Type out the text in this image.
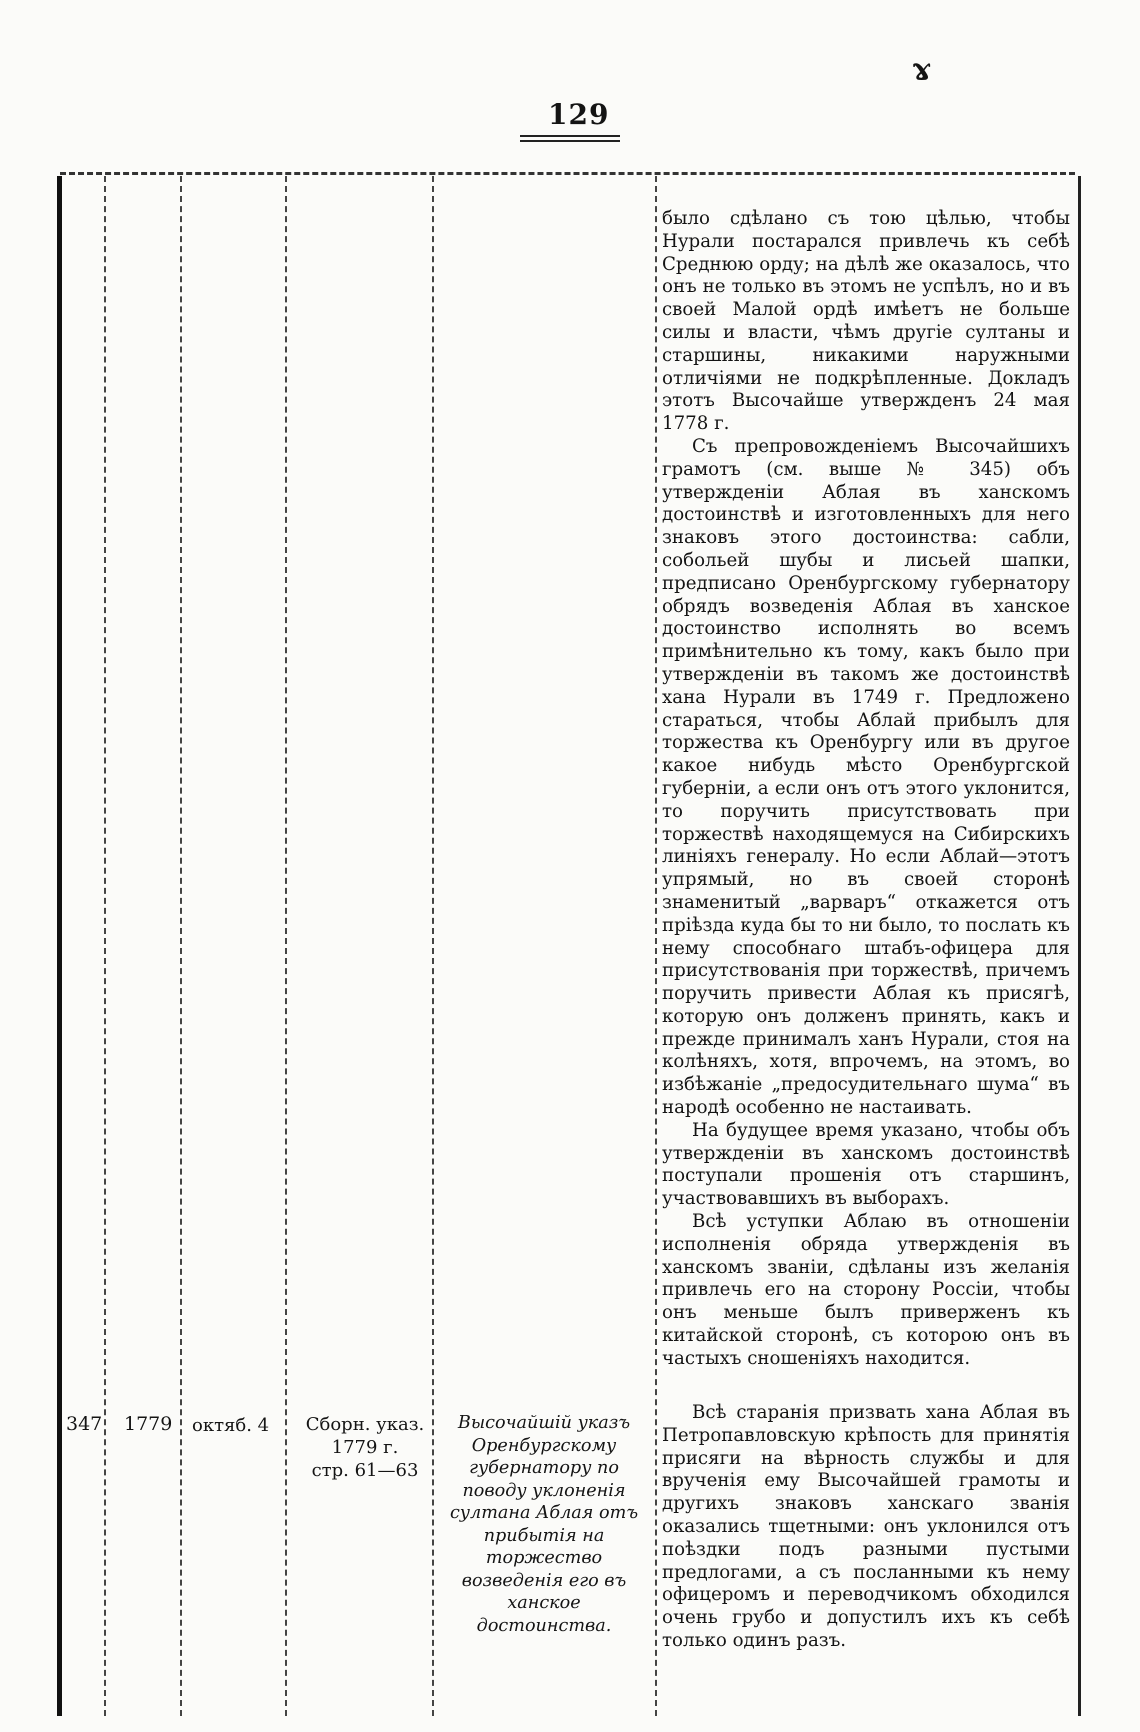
ɤ
129

было сдѣлано съ тою цѣлью, чтобы Нурали постарался привлечь къ себѣ Среднюю орду; на дѣлѣ же оказалось, что онъ не только въ этомъ не успѣлъ, но и въ своей Малой ордѣ имѣетъ не больше силы и власти, чѣмъ другіе султаны и старшины, никакими наружными отличіями не подкрѣпленные. Докладъ этотъ Высочайше утвержденъ 24 мая 1778 г.

Съ препровожденіемъ Высочайшихъ грамотъ (см. выше № 345) объ утвержденіи Аблая въ ханскомъ достоинствѣ и изготовленныхъ для него знаковъ этого достоинства: сабли, собольей шубы и лисьей шапки, предписано Оренбургскому губернатору обрядъ возведенія Аблая въ ханское достоинство исполнять во всемъ примѣнительно къ тому, какъ было при утвержденіи въ такомъ же достоинствѣ хана Нурали въ 1749 г. Предложено стараться, чтобы Аблай прибылъ для торжества къ Оренбургу или въ другое какое нибудь мѣсто Оренбургской губерніи, а если онъ отъ этого уклонится, то поручить присутствовать при торжествѣ находящемуся на Сибирскихъ линіяхъ генералу. Но если Аблай—этотъ упрямый, но въ своей сторонѣ знаменитый „варваръ“ откажется отъ пріѣзда куда бы то ни было, то послать къ нему способнаго штабъ-офицера для присутствованія при торжествѣ, причемъ поручить привести Аблая къ присягѣ, которую онъ долженъ принять, какъ и прежде принималъ ханъ Нурали, стоя на колѣняхъ, хотя, впрочемъ, на этомъ, во избѣжаніе „предосудительнаго шума“ въ народѣ особенно не настаивать.

На будущее время указано, чтобы объ утвержденіи въ ханскомъ достоинствѣ поступали прошенія отъ старшинъ, участвовавшихъ въ выборахъ.

Всѣ уступки Аблаю въ отношеніи исполненія обряда утвержденія въ ханскомъ званіи, сдѣланы изъ желанія привлечь его на сторону Россіи, чтобы онъ меньше былъ приверженъ къ китайской сторонѣ, съ которою онъ въ частыхъ сношеніяхъ находится.

347 1779 октяб. 4	Сборн. указ.
1779 г.
стр. 61—63
Высочайшій указъ Оренбургскому губернатору по поводу уклоненія султана Аблая отъ прибытія на торжество возведенія его въ ханское достоинства.

Всѣ старанія призвать хана Аблая въ Петропавловскую крѣпость для принятія присяги на вѣрность службы и для врученія ему Высочайшей грамоты и другихъ знаковъ ханскаго званія оказались тщетными: онъ уклонился отъ поѣздки подъ разными пустыми предлогами, а съ посланными къ нему офицеромъ и переводчикомъ обходился очень грубо и допустилъ ихъ къ себѣ только одинъ разъ.
